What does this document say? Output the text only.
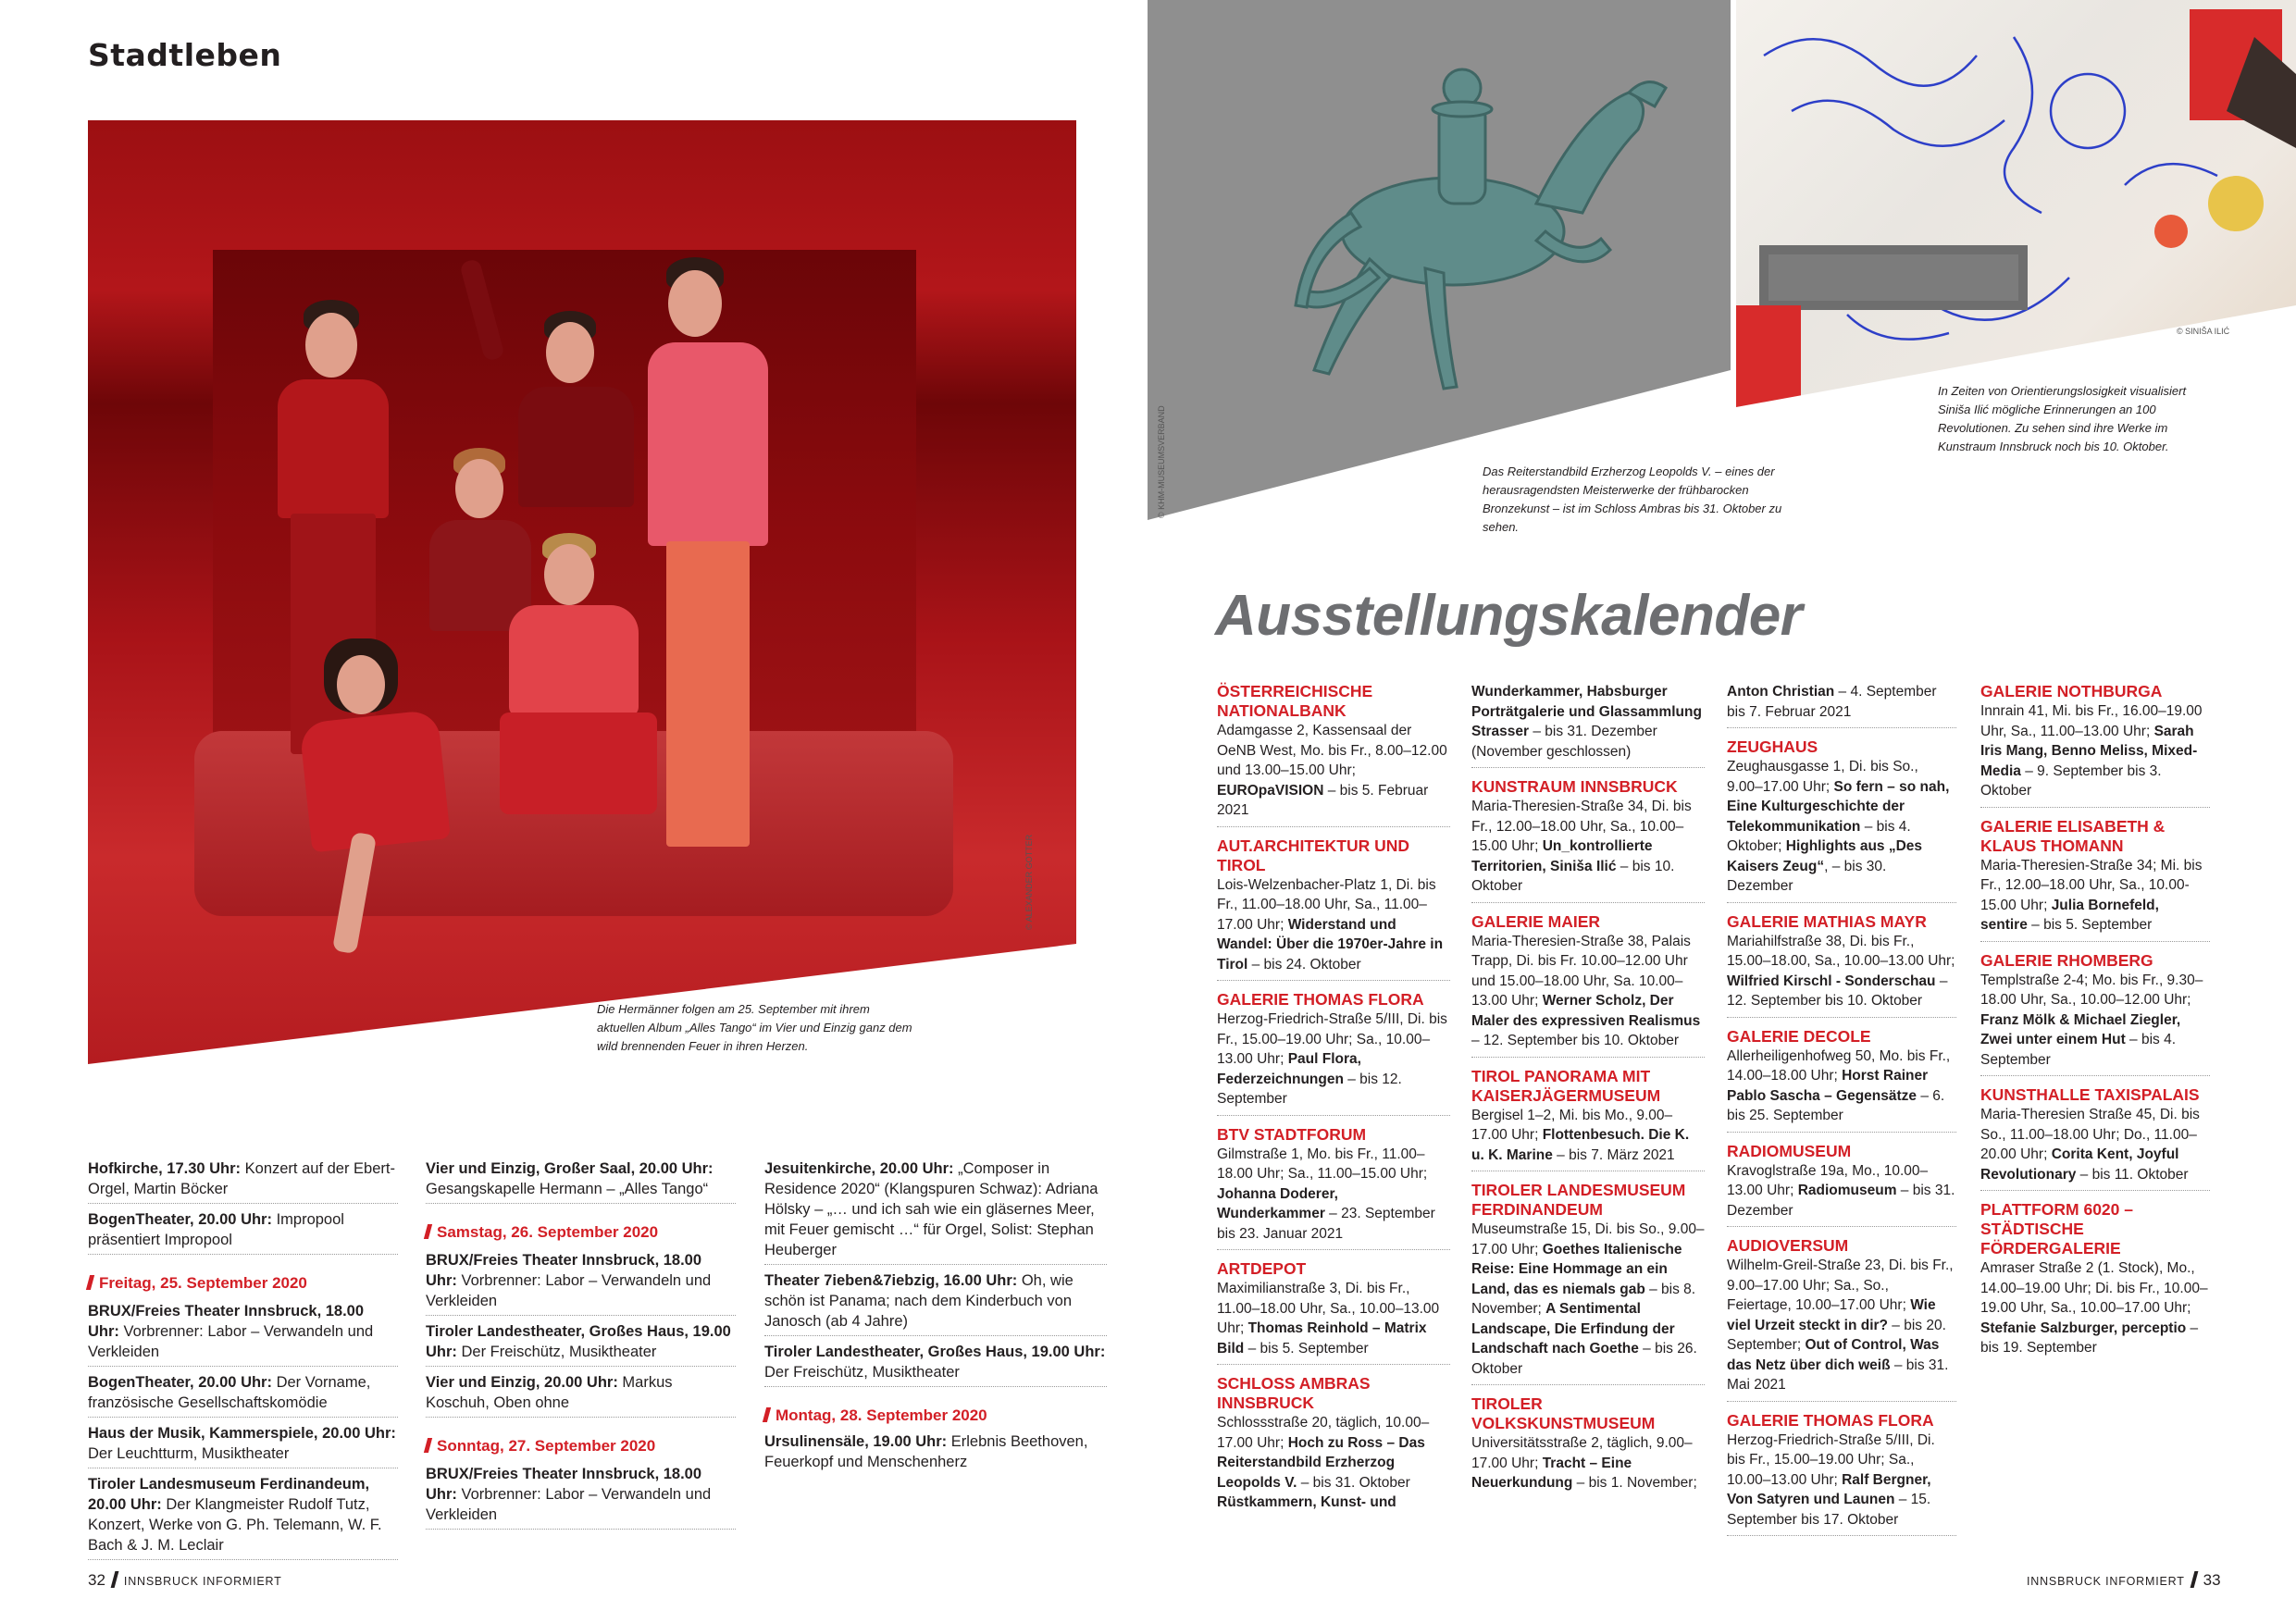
Stadtleben
© ALEXANDER GOTTER
Die Hermänner folgen am 25. September mit ihrem aktuellen Album „Alles Tango“ im Vier und Einzig ganz dem wild brennenden Feuer in ihren Herzen.
Hofkirche, 17.30 Uhr: Konzert auf der Ebert-Orgel, Martin Böcker
BogenTheater, 20.00 Uhr: Impropool präsentiert Impropool
Freitag, 25. September 2020
BRUX/Freies Theater Innsbruck, 18.00 Uhr: Vorbrenner: Labor – Verwandeln und Verkleiden
BogenTheater, 20.00 Uhr: Der Vorname, französische Gesellschaftskomödie
Haus der Musik, Kammerspiele, 20.00 Uhr: Der Leuchtturm, Musiktheater
Tiroler Landesmuseum Ferdinandeum, 20.00 Uhr: Der Klangmeister Rudolf Tutz, Konzert, Werke von G. Ph. Telemann, W. F. Bach & J. M. Leclair
Vier und Einzig, Großer Saal, 20.00 Uhr: Gesangskapelle Hermann – „Alles Tango“
Samstag, 26. September 2020
BRUX/Freies Theater Innsbruck, 18.00 Uhr: Vorbrenner: Labor – Verwandeln und Verkleiden
Tiroler Landestheater, Großes Haus, 19.00 Uhr: Der Freischütz, Musiktheater
Vier und Einzig, 20.00 Uhr: Markus Koschuh, Oben ohne
Sonntag, 27. September 2020
BRUX/Freies Theater Innsbruck, 18.00 Uhr: Vorbrenner: Labor – Verwandeln und Verkleiden
Jesuitenkirche, 20.00 Uhr: „Composer in Residence 2020“ (Klangspuren Schwaz): Adriana Hölsky – „… und ich sah wie ein gläsernes Meer, mit Feuer gemischt …“ für Orgel, Solist: Stephan Heuberger
Theater 7ieben&7iebzig, 16.00 Uhr: Oh, wie schön ist Panama; nach dem Kinderbuch von Janosch (ab 4 Jahre)
Tiroler Landestheater, Großes Haus, 19.00 Uhr: Der Freischütz, Musiktheater
Montag, 28. September 2020
Ursulinensäle, 19.00 Uhr: Erlebnis Beethoven, Feuerkopf und Menschenherz
32 INNSBRUCK INFORMIERT
© KHM-MUSEUMSVERBAND	Das Reiterstandbild Erzherzog Leopolds V. – eines der herausragendsten Meisterwerke der frühbarocken Bronzekunst – ist im Schloss Ambras bis 31. Oktober zu sehen.
© SINIŠA ILIĆ
In Zeiten von Orientierungslosigkeit visualisiert Siniša Ilić mögliche Erinnerungen an 100 Revolutionen. Zu sehen sind ihre Werke im Kunstraum Innsbruck noch bis 10. Oktober.
Ausstellungskalender
ÖSTERREICHISCHE NATIONALBANK
Adamgasse 2, Kassensaal der OeNB West, Mo. bis Fr., 8.00–12.00 und 13.00–15.00 Uhr; EUROpaVISION – bis 5. Februar 2021
AUT.ARCHITEKTUR UND TIROL
Lois-Welzenbacher-Platz 1, Di. bis Fr., 11.00–18.00 Uhr, Sa., 11.00–17.00 Uhr; Widerstand und Wandel: Über die 1970er-Jahre in Tirol – bis 24. Oktober
GALERIE THOMAS FLORA
Herzog-Friedrich-Straße 5/III, Di. bis Fr., 15.00–19.00 Uhr; Sa., 10.00–13.00 Uhr; Paul Flora, Federzeichnungen – bis 12. September
BTV STADTFORUM
Gilmstraße 1, Mo. bis Fr., 11.00–18.00 Uhr; Sa., 11.00–15.00 Uhr; Johanna Doderer, Wunderkammer – 23. September bis 23. Januar 2021
ARTDEPOT
Maximilianstraße 3, Di. bis Fr., 11.00–18.00 Uhr, Sa., 10.00–13.00 Uhr; Thomas Reinhold – Matrix Bild – bis 5. September
SCHLOSS AMBRAS INNSBRUCK
Schlossstraße 20, täglich, 10.00–17.00 Uhr; Hoch zu Ross – Das Reiterstandbild Erzherzog Leopolds V. – bis 31. Oktober Rüstkammern, Kunst- und
Wunderkammer, Habsburger Porträtgalerie und Glassammlung Strasser – bis 31. Dezember (November geschlossen)
KUNSTRAUM INNSBRUCK
Maria-Theresien-Straße 34, Di. bis Fr., 12.00–18.00 Uhr, Sa., 10.00–15.00 Uhr; Un_kontrollierte Territorien, Siniša Ilić – bis 10. Oktober
GALERIE MAIER
Maria-Theresien-Straße 38, Palais Trapp, Di. bis Fr. 10.00–12.00 Uhr und 15.00–18.00 Uhr, Sa. 10.00–13.00 Uhr; Werner Scholz, Der Maler des expressiven Realismus – 12. September bis 10. Oktober
TIROL PANORAMA MIT KAISERJÄGERMUSEUM
Bergisel 1–2, Mi. bis Mo., 9.00–17.00 Uhr; Flottenbesuch. Die K. u. K. Marine – bis 7. März 2021
TIROLER LANDESMUSEUM FERDINANDEUM
Museumstraße 15, Di. bis So., 9.00–17.00 Uhr; Goethes Italienische Reise: Eine Hommage an ein Land, das es niemals gab – bis 8. November; A Sentimental Landscape, Die Erfindung der Landschaft nach Goethe – bis 26. Oktober
TIROLER VOLKSKUNSTMUSEUM
Universitätsstraße 2, täglich, 9.00–17.00 Uhr; Tracht – Eine Neuerkundung – bis 1. November;
Anton Christian – 4. September bis 7. Februar 2021
ZEUGHAUS
Zeughausgasse 1, Di. bis So., 9.00–17.00 Uhr; So fern – so nah, Eine Kulturgeschichte der Telekommunikation – bis 4. Oktober; Highlights aus „Des Kaisers Zeug“, – bis 30. Dezember
GALERIE MATHIAS MAYR
Mariahilfstraße 38, Di. bis Fr., 15.00–18.00, Sa., 10.00–13.00 Uhr; Wilfried Kirschl - Sonderschau – 12. September bis 10. Oktober
GALERIE DECOLE
Allerheiligenhofweg 50, Mo. bis Fr., 14.00–18.00 Uhr; Horst Rainer Pablo Sascha – Gegensätze – 6. bis 25. September
RADIOMUSEUM
Kravoglstraße 19a, Mo., 10.00–13.00 Uhr; Radiomuseum – bis 31. Dezember
AUDIOVERSUM
Wilhelm-Greil-Straße 23, Di. bis Fr., 9.00–17.00 Uhr; Sa., So., Feiertage, 10.00–17.00 Uhr; Wie viel Urzeit steckt in dir? – bis 20. September; Out of Control, Was das Netz über dich weiß – bis 31. Mai 2021
GALERIE THOMAS FLORA
Herzog-Friedrich-Straße 5/III, Di. bis Fr., 15.00–19.00 Uhr; Sa., 10.00–13.00 Uhr; Ralf Bergner, Von Satyren und Launen – 15. September bis 17. Oktober
GALERIE NOTHBURGA
Innrain 41, Mi. bis Fr., 16.00–19.00 Uhr, Sa., 11.00–13.00 Uhr; Sarah Iris Mang, Benno Meliss, Mixed-Media – 9. September bis 3. Oktober
GALERIE ELISABETH & KLAUS THOMANN
Maria-Theresien-Straße 34; Mi. bis Fr., 12.00–18.00 Uhr, Sa., 10.00-15.00 Uhr; Julia Bornefeld, sentire – bis 5. September
GALERIE RHOMBERG
Templstraße 2-4; Mo. bis Fr., 9.30–18.00 Uhr, Sa., 10.00–12.00 Uhr; Franz Mölk & Michael Ziegler, Zwei unter einem Hut – bis 4. September
KUNSTHALLE TAXISPALAIS
Maria-Theresien Straße 45, Di. bis So., 11.00–18.00 Uhr; Do., 11.00–20.00 Uhr; Corita Kent, Joyful Revolutionary – bis 11. Oktober
PLATTFORM 6020 – STÄDTISCHE FÖRDERGALERIE
Amraser Straße 2 (1. Stock), Mo., 14.00–19.00 Uhr; Di. bis Fr., 10.00–19.00 Uhr, Sa., 10.00–17.00 Uhr; Stefanie Salzburger, perceptio – bis 19. September
INNSBRUCK INFORMIERT 33
